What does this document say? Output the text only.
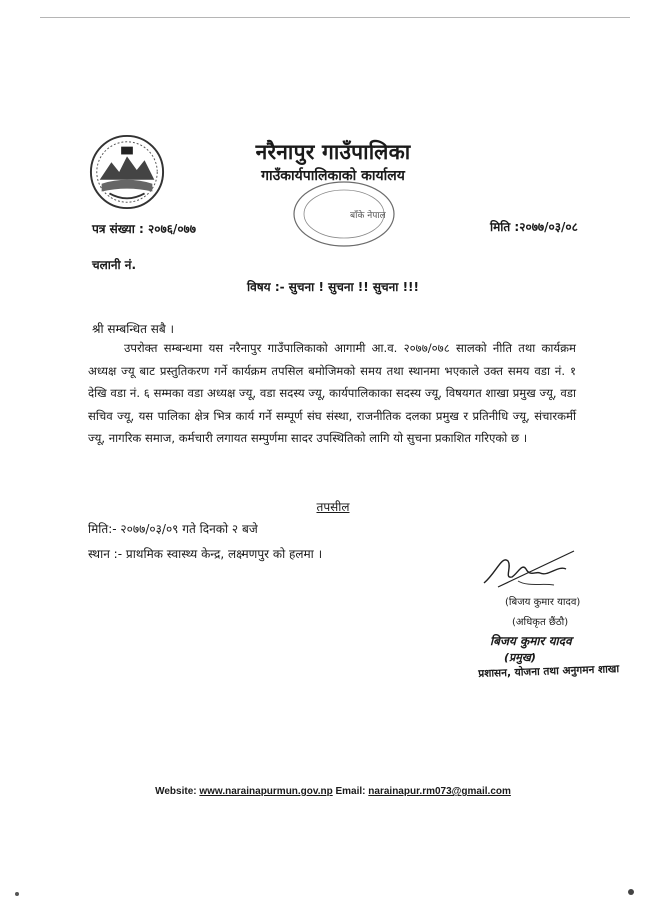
नरैनापुर गाउँपालिका
गाउँकार्यपालिकाको कार्यालय
बाँके नेपाल
पत्र संख्या : २०७६/०७७	मिति :२०७७/०३/०८
चलानी नं.
विषय :- सुचना ! सुचना !! सुचना !!!
श्री सम्बन्धित सबै ।
उपरोक्त सम्बन्धमा यस नरैनापुर गाउँपालिकाको आगामी आ.व. २०७७/०७८ सालको नीति तथा कार्यक्रम अध्यक्ष ज्यू बाट प्रस्तुतिकरण गर्ने कार्यक्रम तपसिल बमोजिमको समय तथा स्थानमा भएकाले उक्त समय वडा नं. १ देखि वडा नं. ६ सम्मका वडा अध्यक्ष ज्यू, वडा सदस्य ज्यू, कार्यपालिकाका सदस्य ज्यू, विषयगत शाखा प्रमुख ज्यू, वडा सचिव ज्यू, यस पालिका क्षेत्र भित्र कार्य गर्ने सम्पूर्ण संघ संस्था, राजनीतिक दलका प्रमुख र प्रतिनीधि ज्यू, संचारकर्मी ज्यू, नागरिक समाज, कर्मचारी लगायत सम्पुर्णमा सादर उपस्थितिको लागि यो सुचना प्रकाशित गरिएको छ ।
तपसील
मिति:- २०७७/०३/०९ गते दिनको २ बजे
स्थान :- प्राथमिक स्वास्थ्य केन्द्र, लक्ष्मणपुर को हलमा ।
(बिजय कुमार यादव)
(अधिकृत छैंठौ)
बिजय कुमार यादव
(प्रमुख)
प्रशासन, योजना तथा अनुगमन शाखा
Website: www.narainapurmun.gov.np Email: narainapur.rm073@gmail.com
